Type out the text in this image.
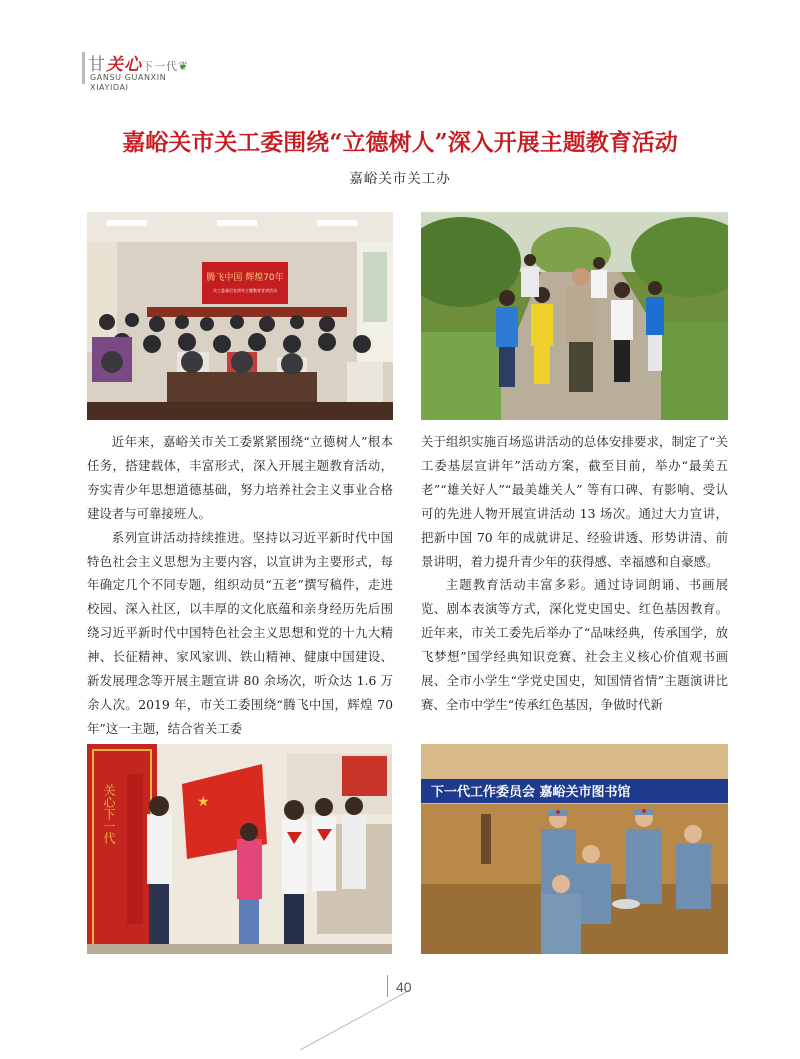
甘关心下一代❦
GANSU GUANXIN
XIAYIDAI
嘉峪关市关工委围绕“立德树人”深入开展主题教育活动
嘉峪关市关工办
腾飞中国 辉煌70年
关工委基层宣讲年主题教育宣讲活动

近年来，嘉峪关市关工委紧紧围绕“立德树人”根本任务，搭建载体，丰富形式，深入开展主题教育活动，夯实青少年思想道德基础，努力培养社会主义事业合格建设者与可靠接班人。

系列宣讲活动持续推进。坚持以习近平新时代中国特色社会主义思想为主要内容，以宣讲为主要形式，每年确定几个不同专题，组织动员“五老”撰写稿件，走进校园、深入社区，以丰厚的文化底蕴和亲身经历先后围绕习近平新时代中国特色社会主义思想和党的十九大精神、长征精神、家风家训、铁山精神、健康中国建设、新发展理念等开展主题宣讲 80 余场次，听众达 1.6 万余人次。2019 年，市关工委围绕“腾飞中国，辉煌 70 年”这一主题，结合省关工委

关于组织实施百场巡讲活动的总体安排要求，制定了“关工委基层宣讲年”活动方案，截至目前，举办“最美五老”“雄关好人”“最美雄关人” 等有口碑、有影响、受认可的先进人物开展宣讲活动 13 场次。通过大力宣讲，把新中国 70 年的成就讲足、经验讲透、形势讲清、前景讲明，着力提升青少年的获得感、幸福感和自豪感。

主题教育活动丰富多彩。通过诗词朗诵、书画展览、剧本表演等方式，深化党史国史、红色基因教育。近年来，市关工委先后举办了“品味经典，传承国学，放飞梦想”国学经典知识竞赛、社会主义核心价值观书画展、全市小学生“学党史国史，知国情省情”主题演讲比赛、全市中学生“传承红色基因，争做时代新

关心下一代	★
下一代工作委员会 嘉峪关市图书馆
40
